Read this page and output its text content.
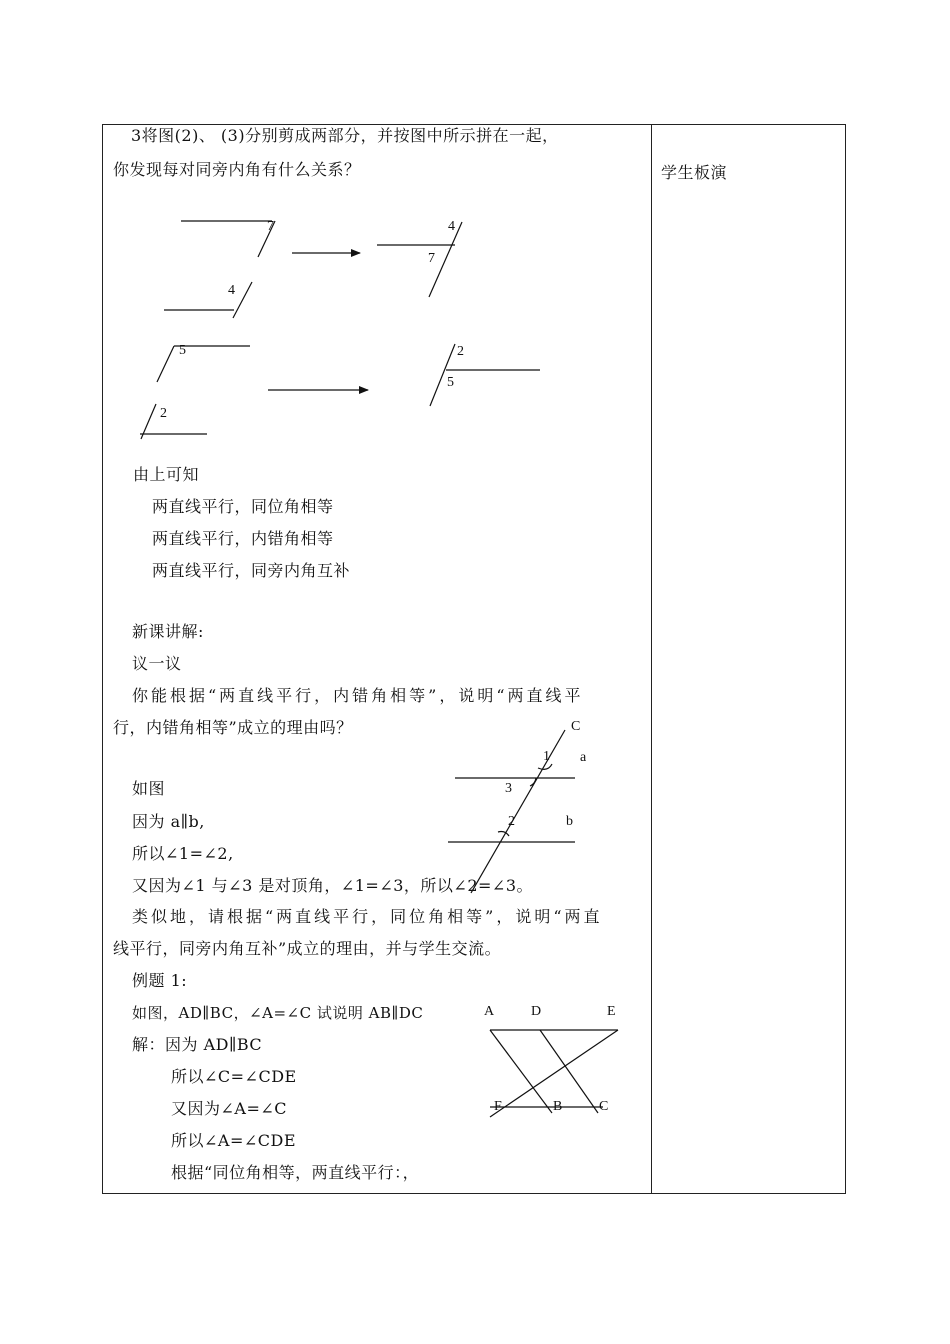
3将图(2)、 (3)分别剪成两部分，并按图中所示拼在一起，
你发现每对同旁内角有什么关系？	学生板演
7
4
4
7
5
2
2
5
由上可知
两直线平行，同位角相等
两直线平行，内错角相等
两直线平行，同旁内角互补
新课讲解:
议一议
你能根据“两直线平行，内错角相等”，说明“两直线平
行，内错角相等”成立的理由吗？	C
a
1
3
2	b
如图
因为 a∥b,
所以∠1=∠2,
又因为∠1 与∠3 是对顶角，∠1=∠3，所以∠2=∠3。
类似地，请根据“两直线平行，同位角相等”，说明“两直
线平行，同旁内角互补”成立的理由，并与学生交流。
例题 1:
如图，AD∥BC，∠A=∠C 试说明 AB∥DC
解：因为 AD∥BC
所以∠C=∠CDE
又因为∠A=∠C
所以∠A=∠CDE
根据“同位角相等，两直线平行：，
A	D	E
F	B	C
